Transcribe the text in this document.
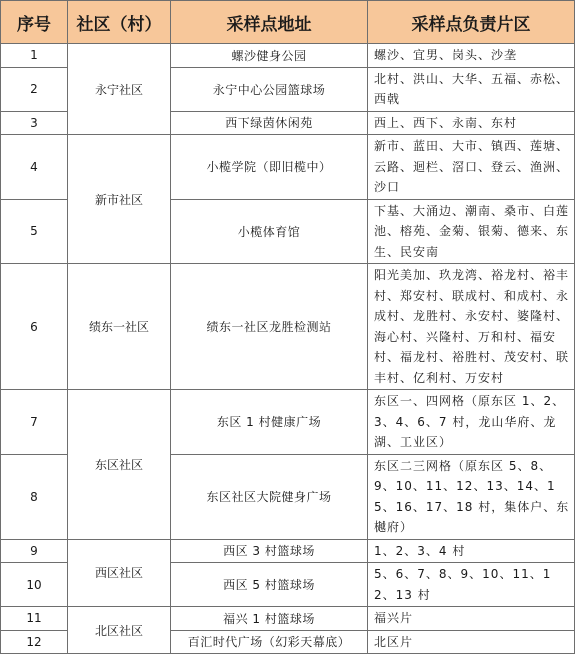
序号	社区（村）	采样点地址	采样点负责片区
1	永宁社区	螺沙健身公园	螺沙、宜男、岗头、沙垄
2		永宁中心公园篮球场	北村、洪山、大华、五福、赤松、西戟
3		西下绿茵休闲苑	西上、西下、永南、东村
4	新市社区	小榄学院（即旧榄中）	新市、蓝田、大市、镇西、莲塘、云路、迴栏、滘口、登云、渔洲、沙口
5		小榄体育馆	下基、大涌边、潮南、桑市、白莲池、榕苑、金菊、银菊、德来、东生、民安南
6	绩东一社区	绩东一社区龙胜检测站	阳光美加、玖龙湾、裕龙村、裕丰村、郑安村、联成村、和成村、永成村、龙胜村、永安村、婆隆村、海心村、兴隆村、万和村、福安村、福龙村、裕胜村、茂安村、联丰村、亿利村、万安村
7	东区社区	东区 1 村健康广场	东区一、四网格（原东区 1、2、3、4、6、7 村，龙山华府、龙湖、工业区）
8		东区社区大院健身广场	东区二三网格（原东区 5、8、9、10、11、12、13、14、15、16、17、18 村，集体户、东樾府）
9	西区社区	西区 3 村篮球场	1、2、3、4 村
10		西区 5 村篮球场	5、6、7、8、9、10、11、12、13 村
11	北区社区	福兴 1 村篮球场	福兴片
12		百汇时代广场（幻彩天幕底）	北区片
